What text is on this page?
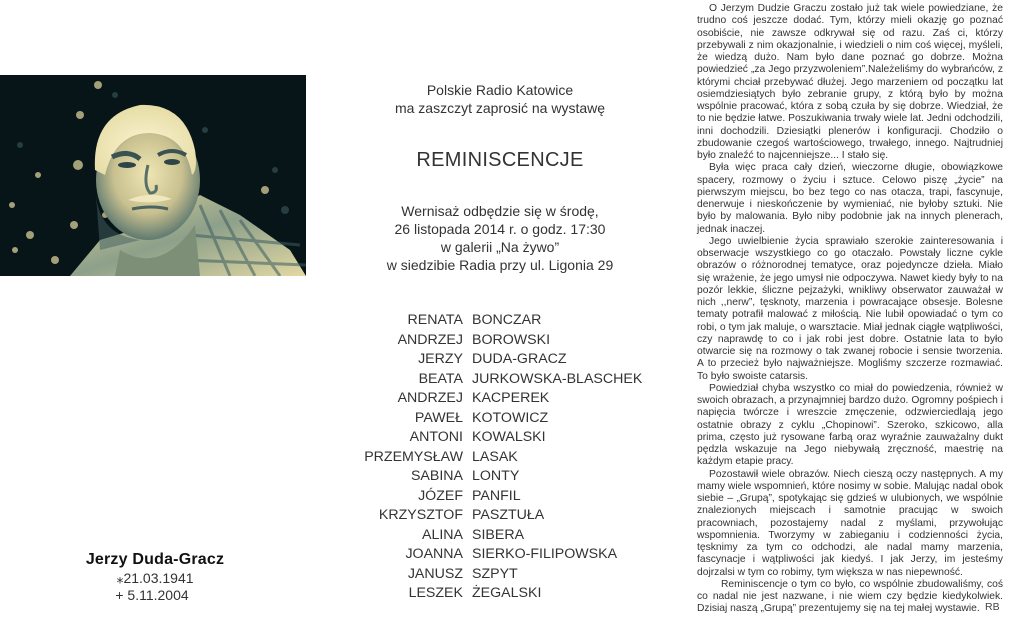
Jerzy Duda-Gracz
⁎21.03.1941
+ 5.11.2004
Polskie Radio Katowice
ma zaszczyt zaprosić na wystawę
REMINISCENCJE
Wernisaż odbędzie się w środę,
26 listopada 2014 r. o godz. 17:30
w galerii „Na żywo”
w siedzibie Radia przy ul. Ligonia 29
RENATA BONCZAR
ANDRZEJ BOROWSKI
JERZY DUDA-GRACZ
BEATA JURKOWSKA-BLASCHEK
ANDRZEJ KACPEREK
PAWEŁ KOTOWICZ
ANTONI KOWALSKI
PRZEMYSŁAW LASAK
SABINA LONTY
JÓZEF PANFIL
KRZYSZTOF PASZTUŁA
ALINA SIBERA
JOANNA SIERKO-FILIPOWSKA
JANUSZ SZPYT
LESZEK ŻEGALSKI

O Jerzym Dudzie Graczu zostało już tak wiele powiedziane, że trudno coś jeszcze dodać. Tym, którzy mieli okazję go poznać osobiście, nie zawsze odkrywał się od razu. Zaś ci, którzy przebywali z nim okazjonalnie, i wiedzieli o nim coś więcej, myśleli, że wiedzą dużo. Nam było dane poznać go dobrze. Można powiedzieć „za Jego przyzwoleniem”.Należeliśmy do wybrańców, z którymi chciał przebywać dłużej. Jego marzeniem od początku lat osiemdziesiątych było zebranie grupy, z którą było by można wspólnie pracować, która z sobą czuła by się dobrze. Wiedział, że to nie będzie łatwe. Poszukiwania trwały wiele lat. Jedni odchodzili, inni dochodzili. Dziesiątki plenerów i konfiguracji. Chodziło o zbudowanie czegoś wartościowego, trwałego, innego. Najtrudniej było znaleźć to najcenniejsze... I stało się.

Była więc praca cały dzień, wieczorne długie, obowiązkowe spacery, rozmowy o życiu i sztuce. Celowo piszę „życie” na pierwszym miejscu, bo bez tego co nas otacza, trapi, fascynuje, denerwuje i nieskończenie by wymieniać, nie byłoby sztuki. Nie było by malowania. Było niby podobnie jak na innych plenerach, jednak inaczej.

Jego uwielbienie życia sprawiało szerokie zainteresowania i obserwacje wszystkiego co go otaczało. Powstały liczne cykle obrazów o różnorodnej tematyce, oraz pojedyncze dzieła. Miało się wrażenie, że jego umysł nie odpoczywa. Nawet kiedy były to na pozór lekkie, śliczne pejzażyki, wnikliwy obserwator zauważał w nich ,,nerw”, tęsknoty, marzenia i powracające obsesje. Bolesne tematy potrafił malować z miłością. Nie lubił opowiadać o tym co robi, o tym jak maluje, o warsztacie. Miał jednak ciągłe wątpliwości, czy naprawdę to co i jak robi jest dobre. Ostatnie lata to było otwarcie się na rozmowy o tak zwanej robocie i sensie tworzenia. A to przecież było najważniejsze. Mogliśmy szczerze rozmawiać. To było swoiste catarsis.

Powiedział chyba wszystko co miał do powiedzenia, również w swoich obrazach, a przynajmniej bardzo dużo. Ogromny pośpiech i napięcia twórcze i wreszcie zmęczenie, odzwierciedlają jego ostatnie obrazy z cyklu „Chopinowi”. Szeroko, szkicowo, alla prima, często już rysowane farbą oraz wyraźnie zauważalny dukt pędzla wskazuje na Jego niebywałą zręczność, maestrię na każdym etapie pracy.

Pozostawił wiele obrazów. Niech cieszą oczy następnych. A my mamy wiele wspomnień, które nosimy w sobie. Malując nadal obok siebie – „Grupą”, spotykając się gdzieś w ulubionych, we wspólnie znalezionych miejscach i samotnie pracując w swoich pracowniach, pozostajemy nadal z myślami, przywołując wspomnienia. Tworzymy w zabieganiu i codzienności życia, tęsknimy za tym co odchodzi, ale nadal mamy marzenia, fascynacje i wątpliwości jak kiedyś. I jak Jerzy, im jesteśmy dojrzalsi w tym co robimy, tym większa w nas niepewność.

Reminiscencje o tym co było, co wspólnie zbudowaliśmy, coś co nadal nie jest nazwane, i nie wiem czy będzie kiedykolwiek. Dzisiaj naszą „Grupą” prezentujemy się na tej małej wystawie. RB
